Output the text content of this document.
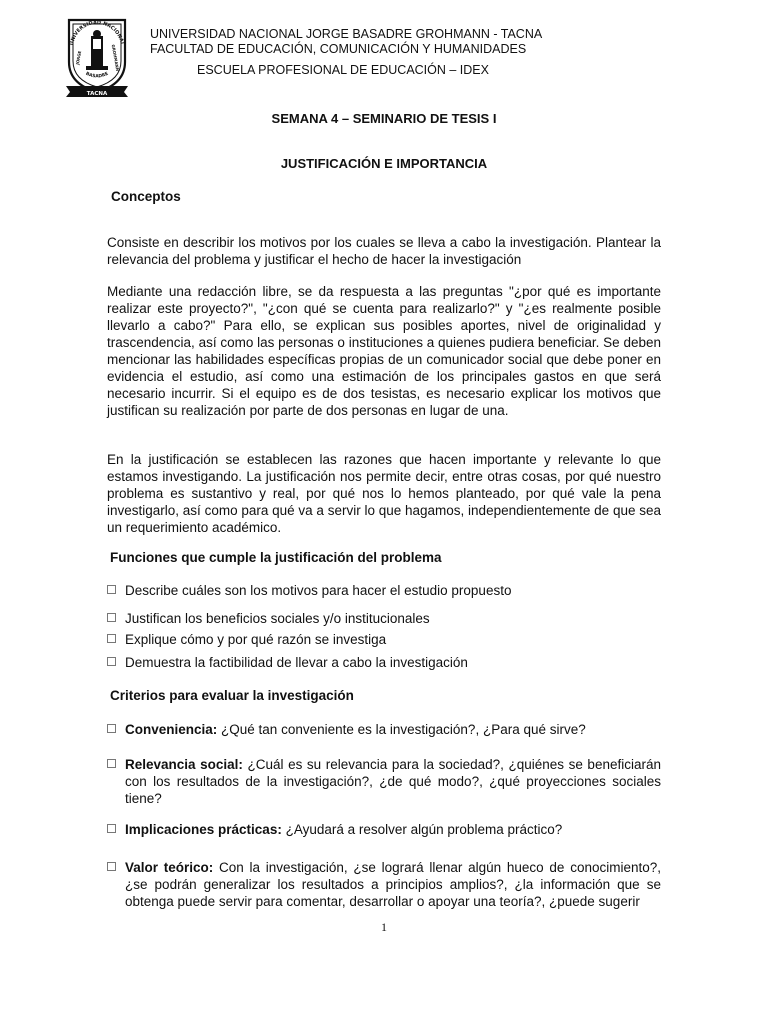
UNIVERSIDAD NACIONAL
JORGE	GROHMANN
BASADRE
TACNA
UNIVERSIDAD NACIONAL JORGE BASADRE GROHMANN - TACNA
FACULTAD DE EDUCACIÓN, COMUNICACIÓN Y HUMANIDADES
ESCUELA PROFESIONAL DE EDUCACIÓN – IDEX
SEMANA 4 – SEMINARIO DE TESIS I
JUSTIFICACIÓN E IMPORTANCIA
Conceptos
Consiste en describir los motivos por los cuales se lleva a cabo la investigación. Plantear la relevancia del problema y justificar el hecho de hacer la investigación
Mediante una redacción libre, se da respuesta a las preguntas "¿por qué es importante realizar este proyecto?", "¿con qué se cuenta para realizarlo?" y "¿es realmente posible llevarlo a cabo?" Para ello, se explican sus posibles aportes, nivel de originalidad y trascendencia, así como las personas o instituciones a quienes pudiera beneficiar. Se deben mencionar las habilidades específicas propias de un comunicador social que debe poner en evidencia el estudio, así como una estimación de los principales gastos en que será necesario incurrir. Si el equipo es de dos tesistas, es necesario explicar los motivos que justifican su realización por parte de dos personas en lugar de una.
En la justificación se establecen las razones que hacen importante y relevante lo que estamos investigando. La justificación nos permite decir, entre otras cosas, por qué nuestro problema es sustantivo y real, por qué nos lo hemos planteado, por qué vale la pena investigarlo, así como para qué va a servir lo que hagamos, independientemente de que sea un requerimiento académico.
Funciones que cumple la justificación del problema
Describe cuáles son los motivos para hacer el estudio propuesto
Justifican los beneficios sociales y/o institucionales
Explique cómo y por qué razón se investiga
Demuestra la factibilidad de llevar a cabo la investigación
Criterios para evaluar la investigación
Conveniencia: ¿Qué tan conveniente es la investigación?, ¿Para qué sirve?
Relevancia social: ¿Cuál es su relevancia para la sociedad?, ¿quiénes se beneficiarán con los resultados de la investigación?, ¿de qué modo?, ¿qué proyecciones sociales tiene?
Implicaciones prácticas: ¿Ayudará a resolver algún problema práctico?
Valor teórico: Con la investigación, ¿se logrará llenar algún hueco de conocimiento?, ¿se podrán generalizar los resultados a principios amplios?, ¿la información que se obtenga puede servir para comentar, desarrollar o apoyar una teoría?, ¿puede sugerir
1
